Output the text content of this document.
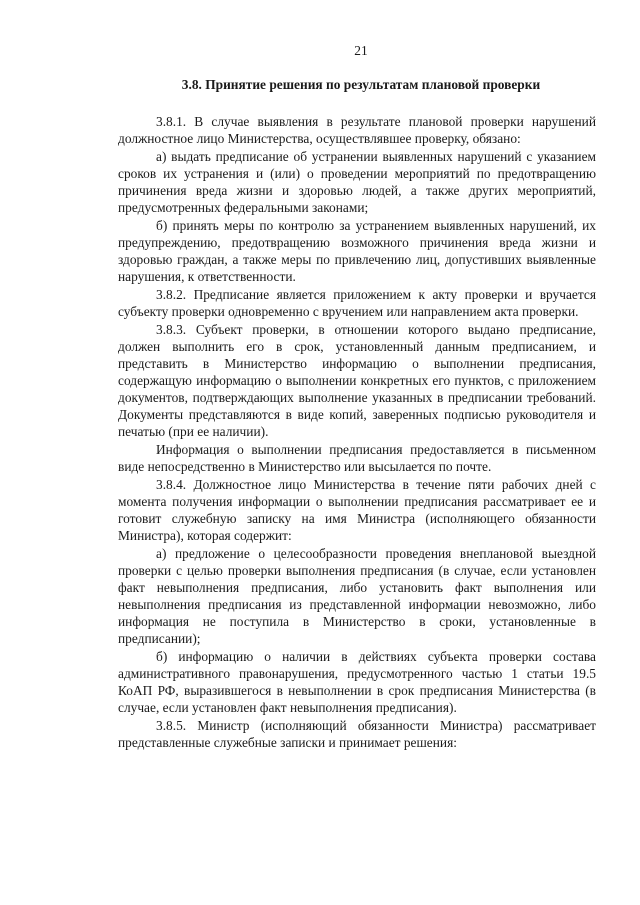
21
3.8. Принятие решения по результатам плановой проверки

3.8.1. В случае выявления в результате плановой проверки нарушений должностное лицо Министерства, осуществлявшее проверку, обязано:

а) выдать предписание об устранении выявленных нарушений с указанием сроков их устранения и (или) о проведении мероприятий по предотвращению причинения вреда жизни и здоровью людей, а также других мероприятий, предусмотренных федеральными законами;

б) принять меры по контролю за устранением выявленных нарушений, их предупреждению, предотвращению возможного причинения вреда жизни и здоровью граждан, а также меры по привлечению лиц, допустивших выявленные нарушения, к ответственности.

3.8.2. Предписание является приложением к акту проверки и вручается субъекту проверки одновременно с вручением или направлением акта проверки.

3.8.3. Субъект проверки, в отношении которого выдано предписание, должен выполнить его в срок, установленный данным предписанием, и представить в Министерство информацию о выполнении предписания, содержащую информацию о выполнении конкретных его пунктов, с приложением документов, подтверждающих выполнение указанных в предписании требований. Документы представляются в виде копий, заверенных подписью руководителя и печатью (при ее наличии).

Информация о выполнении предписания предоставляется в письменном виде непосредственно в Министерство или высылается по почте.

3.8.4. Должностное лицо Министерства в течение пяти рабочих дней с момента получения информации о выполнении предписания рассматривает ее и готовит служебную записку на имя Министра (исполняющего обязанности Министра), которая содержит:

а) предложение о целесообразности проведения внеплановой выездной проверки с целью проверки выполнения предписания (в случае, если установлен факт невыполнения предписания, либо установить факт выполнения или невыполнения предписания из представленной информации невозможно, либо информация не поступила в Министерство в сроки, установленные в предписании);

б) информацию о наличии в действиях субъекта проверки состава административного правонарушения, предусмотренного частью 1 статьи 19.5 КоАП РФ, выразившегося в невыполнении в срок предписания Министерства (в случае, если установлен факт невыполнения предписания).

3.8.5. Министр (исполняющий обязанности Министра) рассматривает представленные служебные записки и принимает решения:
